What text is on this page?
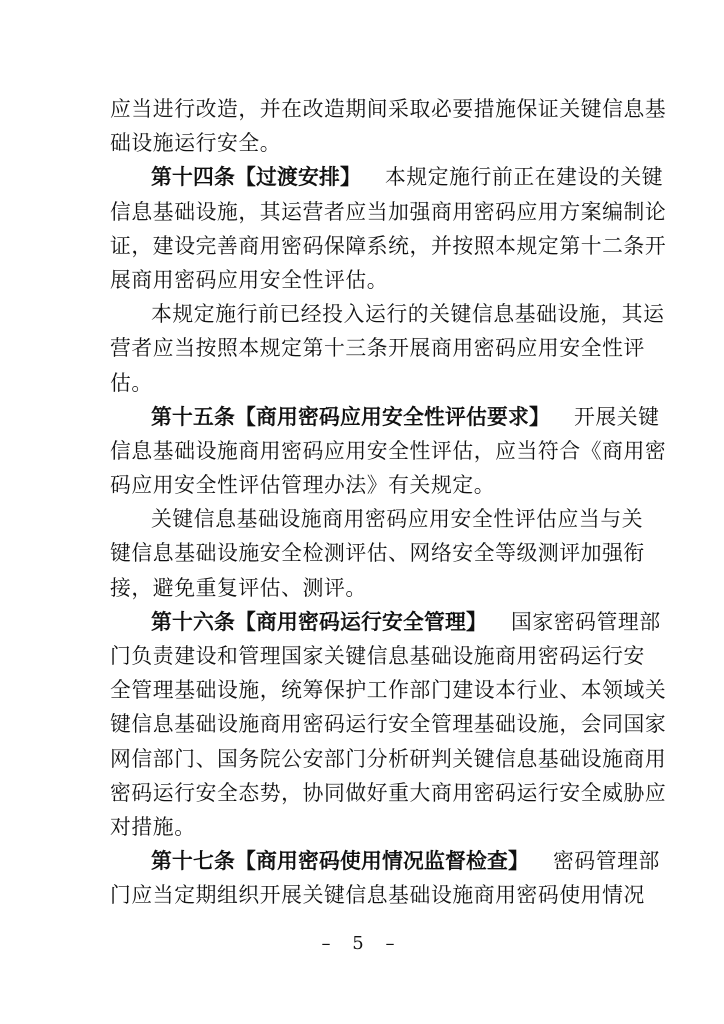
应当进行改造，并在改造期间采取必要措施保证关键信息基
础设施运行安全。
第十四条【过渡安排】 本规定施行前正在建设的关键
信息基础设施，其运营者应当加强商用密码应用方案编制论
证，建设完善商用密码保障系统，并按照本规定第十二条开
展商用密码应用安全性评估。
本规定施行前已经投入运行的关键信息基础设施，其运
营者应当按照本规定第十三条开展商用密码应用安全性评
估。
第十五条【商用密码应用安全性评估要求】 开展关键
信息基础设施商用密码应用安全性评估，应当符合《商用密
码应用安全性评估管理办法》有关规定。
关键信息基础设施商用密码应用安全性评估应当与关
键信息基础设施安全检测评估、网络安全等级测评加强衔
接，避免重复评估、测评。
第十六条【商用密码运行安全管理】 国家密码管理部
门负责建设和管理国家关键信息基础设施商用密码运行安
全管理基础设施，统筹保护工作部门建设本行业、本领域关
键信息基础设施商用密码运行安全管理基础设施，会同国家
网信部门、国务院公安部门分析研判关键信息基础设施商用
密码运行安全态势，协同做好重大商用密码运行安全威胁应
对措施。
第十七条【商用密码使用情况监督检查】 密码管理部
门应当定期组织开展关键信息基础设施商用密码使用情况
– 5 –
